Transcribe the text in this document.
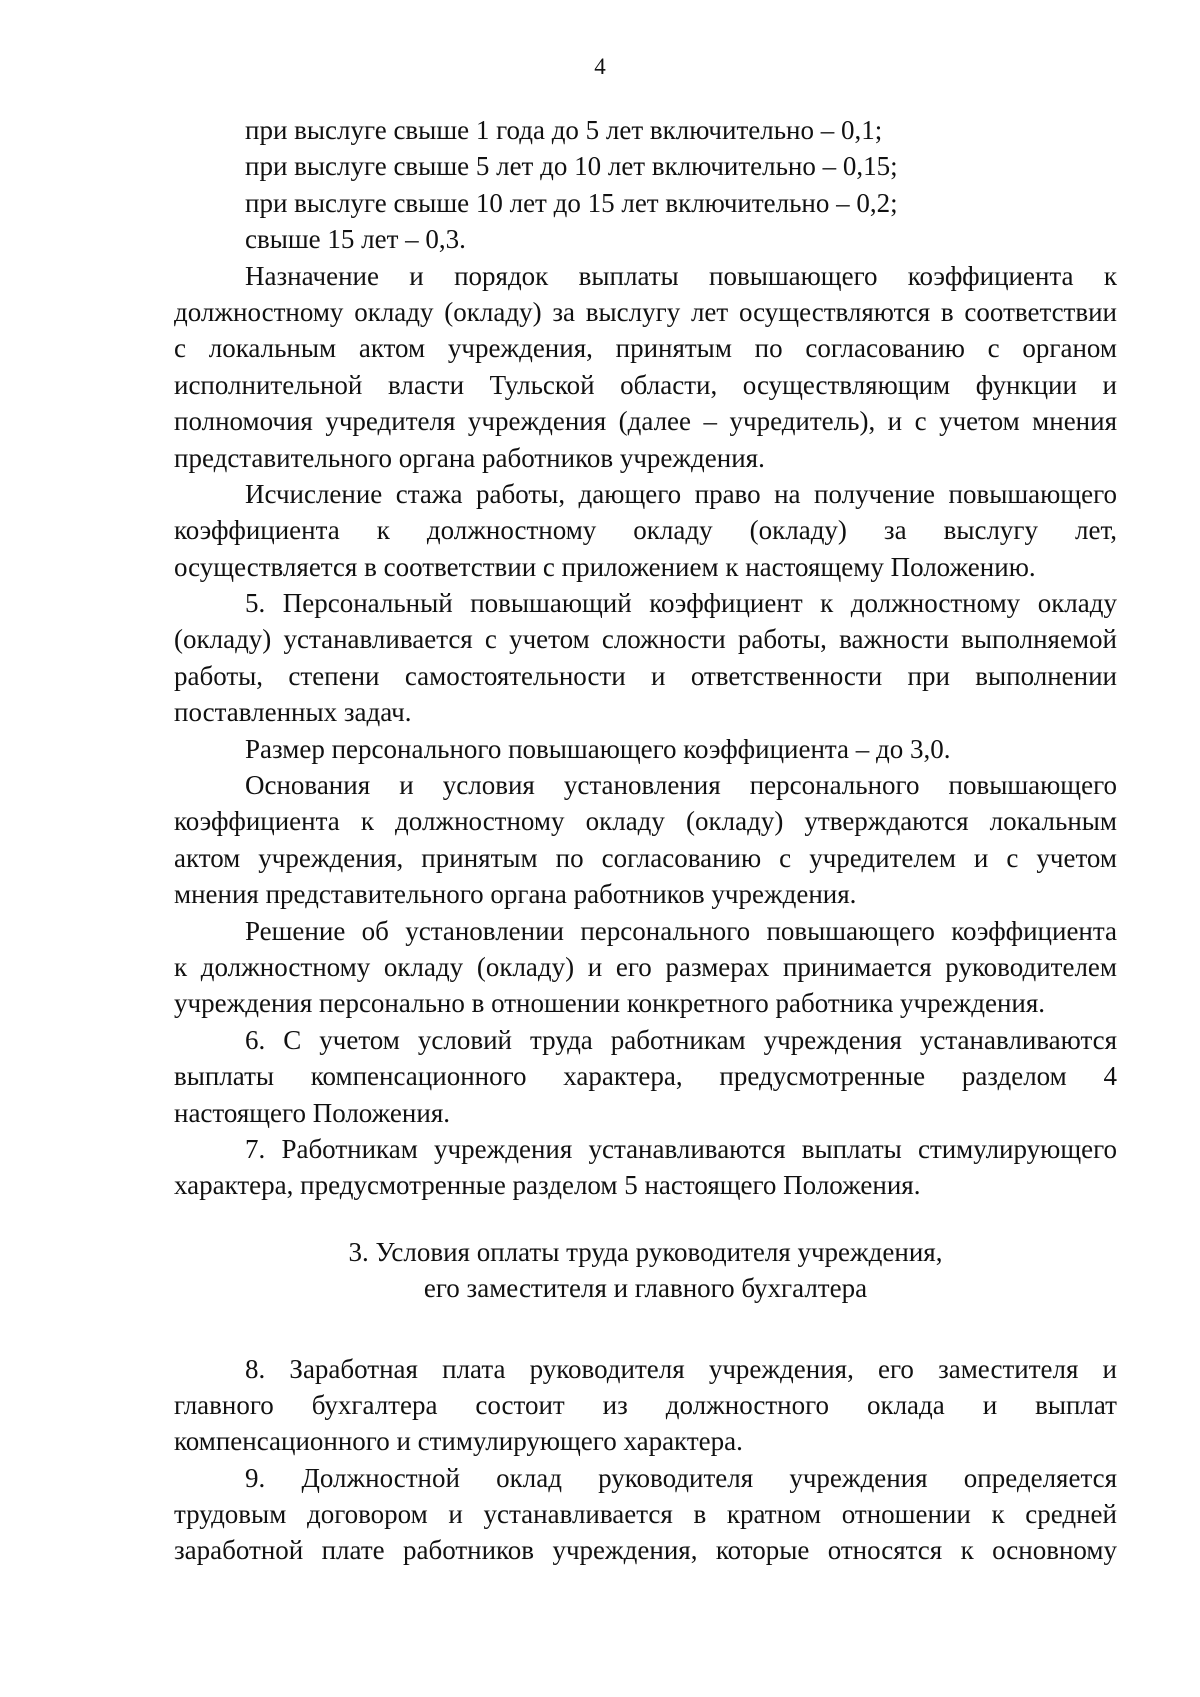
4
при выслуге свыше 1 года до 5 лет включительно – 0,1;
при выслуге свыше 5 лет до 10 лет включительно – 0,15;
при выслуге свыше 10 лет до 15 лет включительно – 0,2;
свыше 15 лет – 0,3.
Назначение и порядок выплаты повышающего коэффициента к
должностному окладу (окладу) за выслугу лет осуществляются в соответствии
с локальным актом учреждения, принятым по согласованию с органом
исполнительной власти Тульской области, осуществляющим функции и
полномочия учредителя учреждения (далее – учредитель), и с учетом мнения
представительного органа работников учреждения.
Исчисление стажа работы, дающего право на получение повышающего
коэффициента к должностному окладу (окладу) за выслугу лет,
осуществляется в соответствии с приложением к настоящему Положению.
5. Персональный повышающий коэффициент к должностному окладу
(окладу) устанавливается с учетом сложности работы, важности выполняемой
работы, степени самостоятельности и ответственности при выполнении
поставленных задач.
Размер персонального повышающего коэффициента – до 3,0.
Основания и условия установления персонального повышающего
коэффициента к должностному окладу (окладу) утверждаются локальным
актом учреждения, принятым по согласованию с учредителем и с учетом
мнения представительного органа работников учреждения.
Решение об установлении персонального повышающего коэффициента
к должностному окладу (окладу) и его размерах принимается руководителем
учреждения персонально в отношении конкретного работника учреждения.
6. С учетом условий труда работникам учреждения устанавливаются
выплаты компенсационного характера, предусмотренные разделом 4
настоящего Положения.
7. Работникам учреждения устанавливаются выплаты стимулирующего
характера, предусмотренные разделом 5 настоящего Положения.
3. Условия оплаты труда руководителя учреждения,
его заместителя и главного бухгалтера
8. Заработная плата руководителя учреждения, его заместителя и
главного бухгалтера состоит из должностного оклада и выплат
компенсационного и стимулирующего характера.
9. Должностной оклад руководителя учреждения определяется
трудовым договором и устанавливается в кратном отношении к средней
заработной плате работников учреждения, которые относятся к основному
